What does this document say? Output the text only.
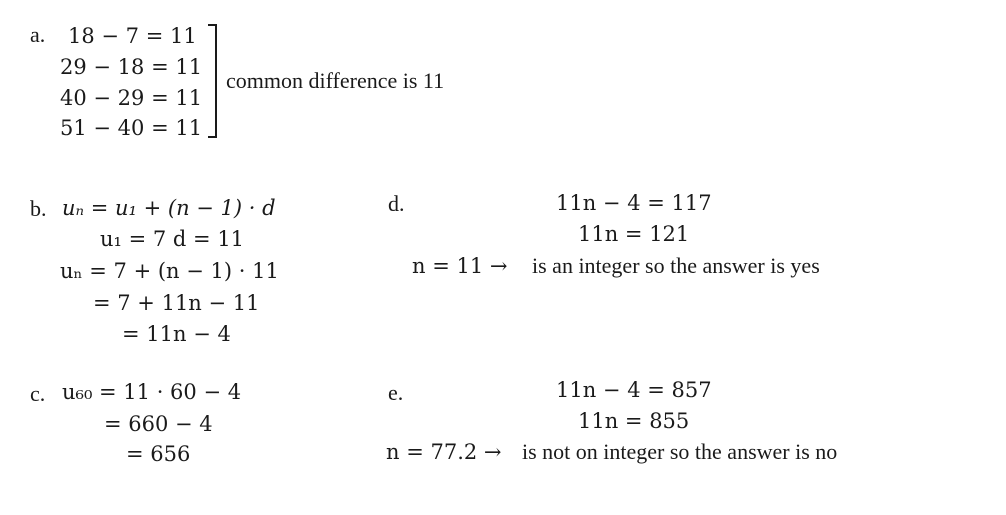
a. 18 − 7 = 11
29 − 18 = 11
40 − 29 = 11
51 − 40 = 11
common difference is 11
b. uₙ = u₁ + (n − 1) · d
u₁ = 7 d = 11
uₙ = 7 + (n − 1) · 11
= 7 + 11n − 11
= 11n − 4
c. u₆₀ = 11 · 60 − 4
= 660 − 4
= 656
d.	11n − 4 = 117
11n = 121
n = 11 → is an integer so the answer is yes
e.	11n − 4 = 857
11n = 855
n = 77.2 → is not on integer so the answer is no
